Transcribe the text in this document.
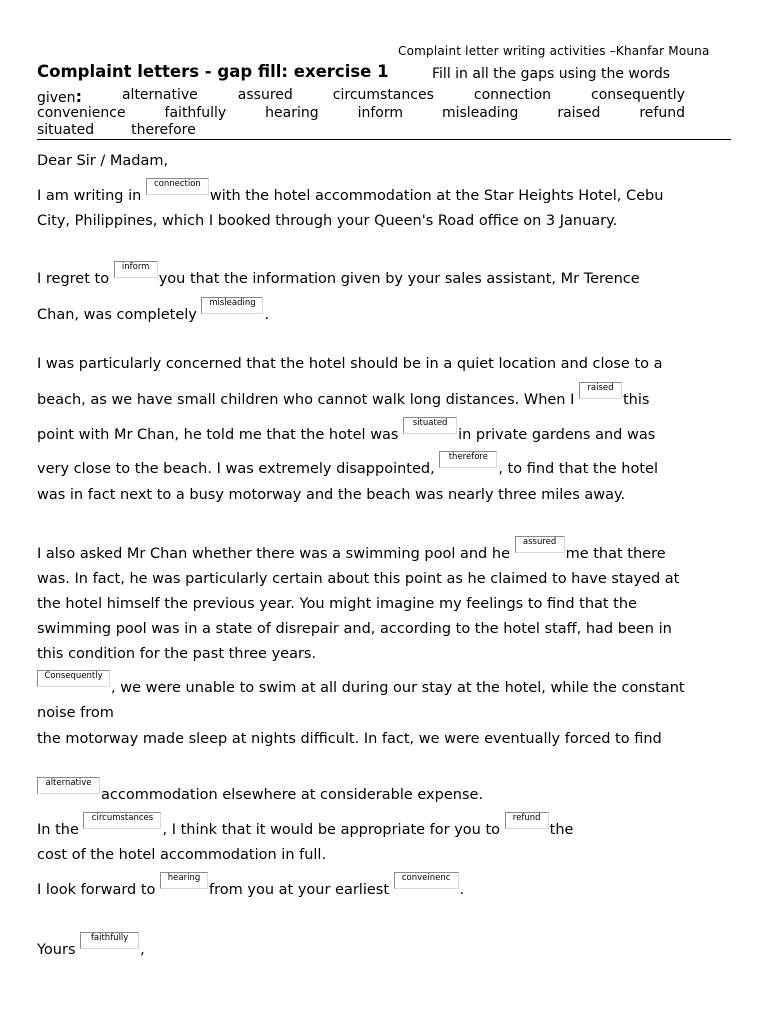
Complaint letter writing activities –Khanfar Mouna
Complaint letters - gap fill: exercise 1	Fill in all the gaps using the words
given:	alternative	assured	circumstances	connection	consequently
convenience	faithfully	hearing	inform	misleading	raised	refund
situated	therefore
Dear Sir / Madam,
I am writing in connectionwith the hotel accommodation at the Star Heights Hotel, Cebu
City, Philippines, which I booked through your Queen's Road office on 3 January.
I regret to informyou that the information given by your sales assistant, Mr Terence
Chan, was completely misleading.
I was particularly concerned that the hotel should be in a quiet location and close to a
beach, as we have small children who cannot walk long distances. When I raisedthis
point with Mr Chan, he told me that the hotel was situatedin private gardens and was
very close to the beach. I was extremely disappointed, therefore, to find that the hotel
was in fact next to a busy motorway and the beach was nearly three miles away.
I also asked Mr Chan whether there was a swimming pool and he assuredme that there
was. In fact, he was particularly certain about this point as he claimed to have stayed at
the hotel himself the previous year. You might imagine my feelings to find that the
swimming pool was in a state of disrepair and, according to the hotel staff, had been in
this condition for the past three years.
Consequently, we were unable to swim at all during our stay at the hotel, while the constant
noise from
the motorway made sleep at nights difficult. In fact, we were eventually forced to find
alternativeaccommodation elsewhere at considerable expense.
In the circumstances, I think that it would be appropriate for you to refundthe
cost of the hotel accommodation in full.
I look forward to hearingfrom you at your earliest conveinenc.
Yours faithfully,
